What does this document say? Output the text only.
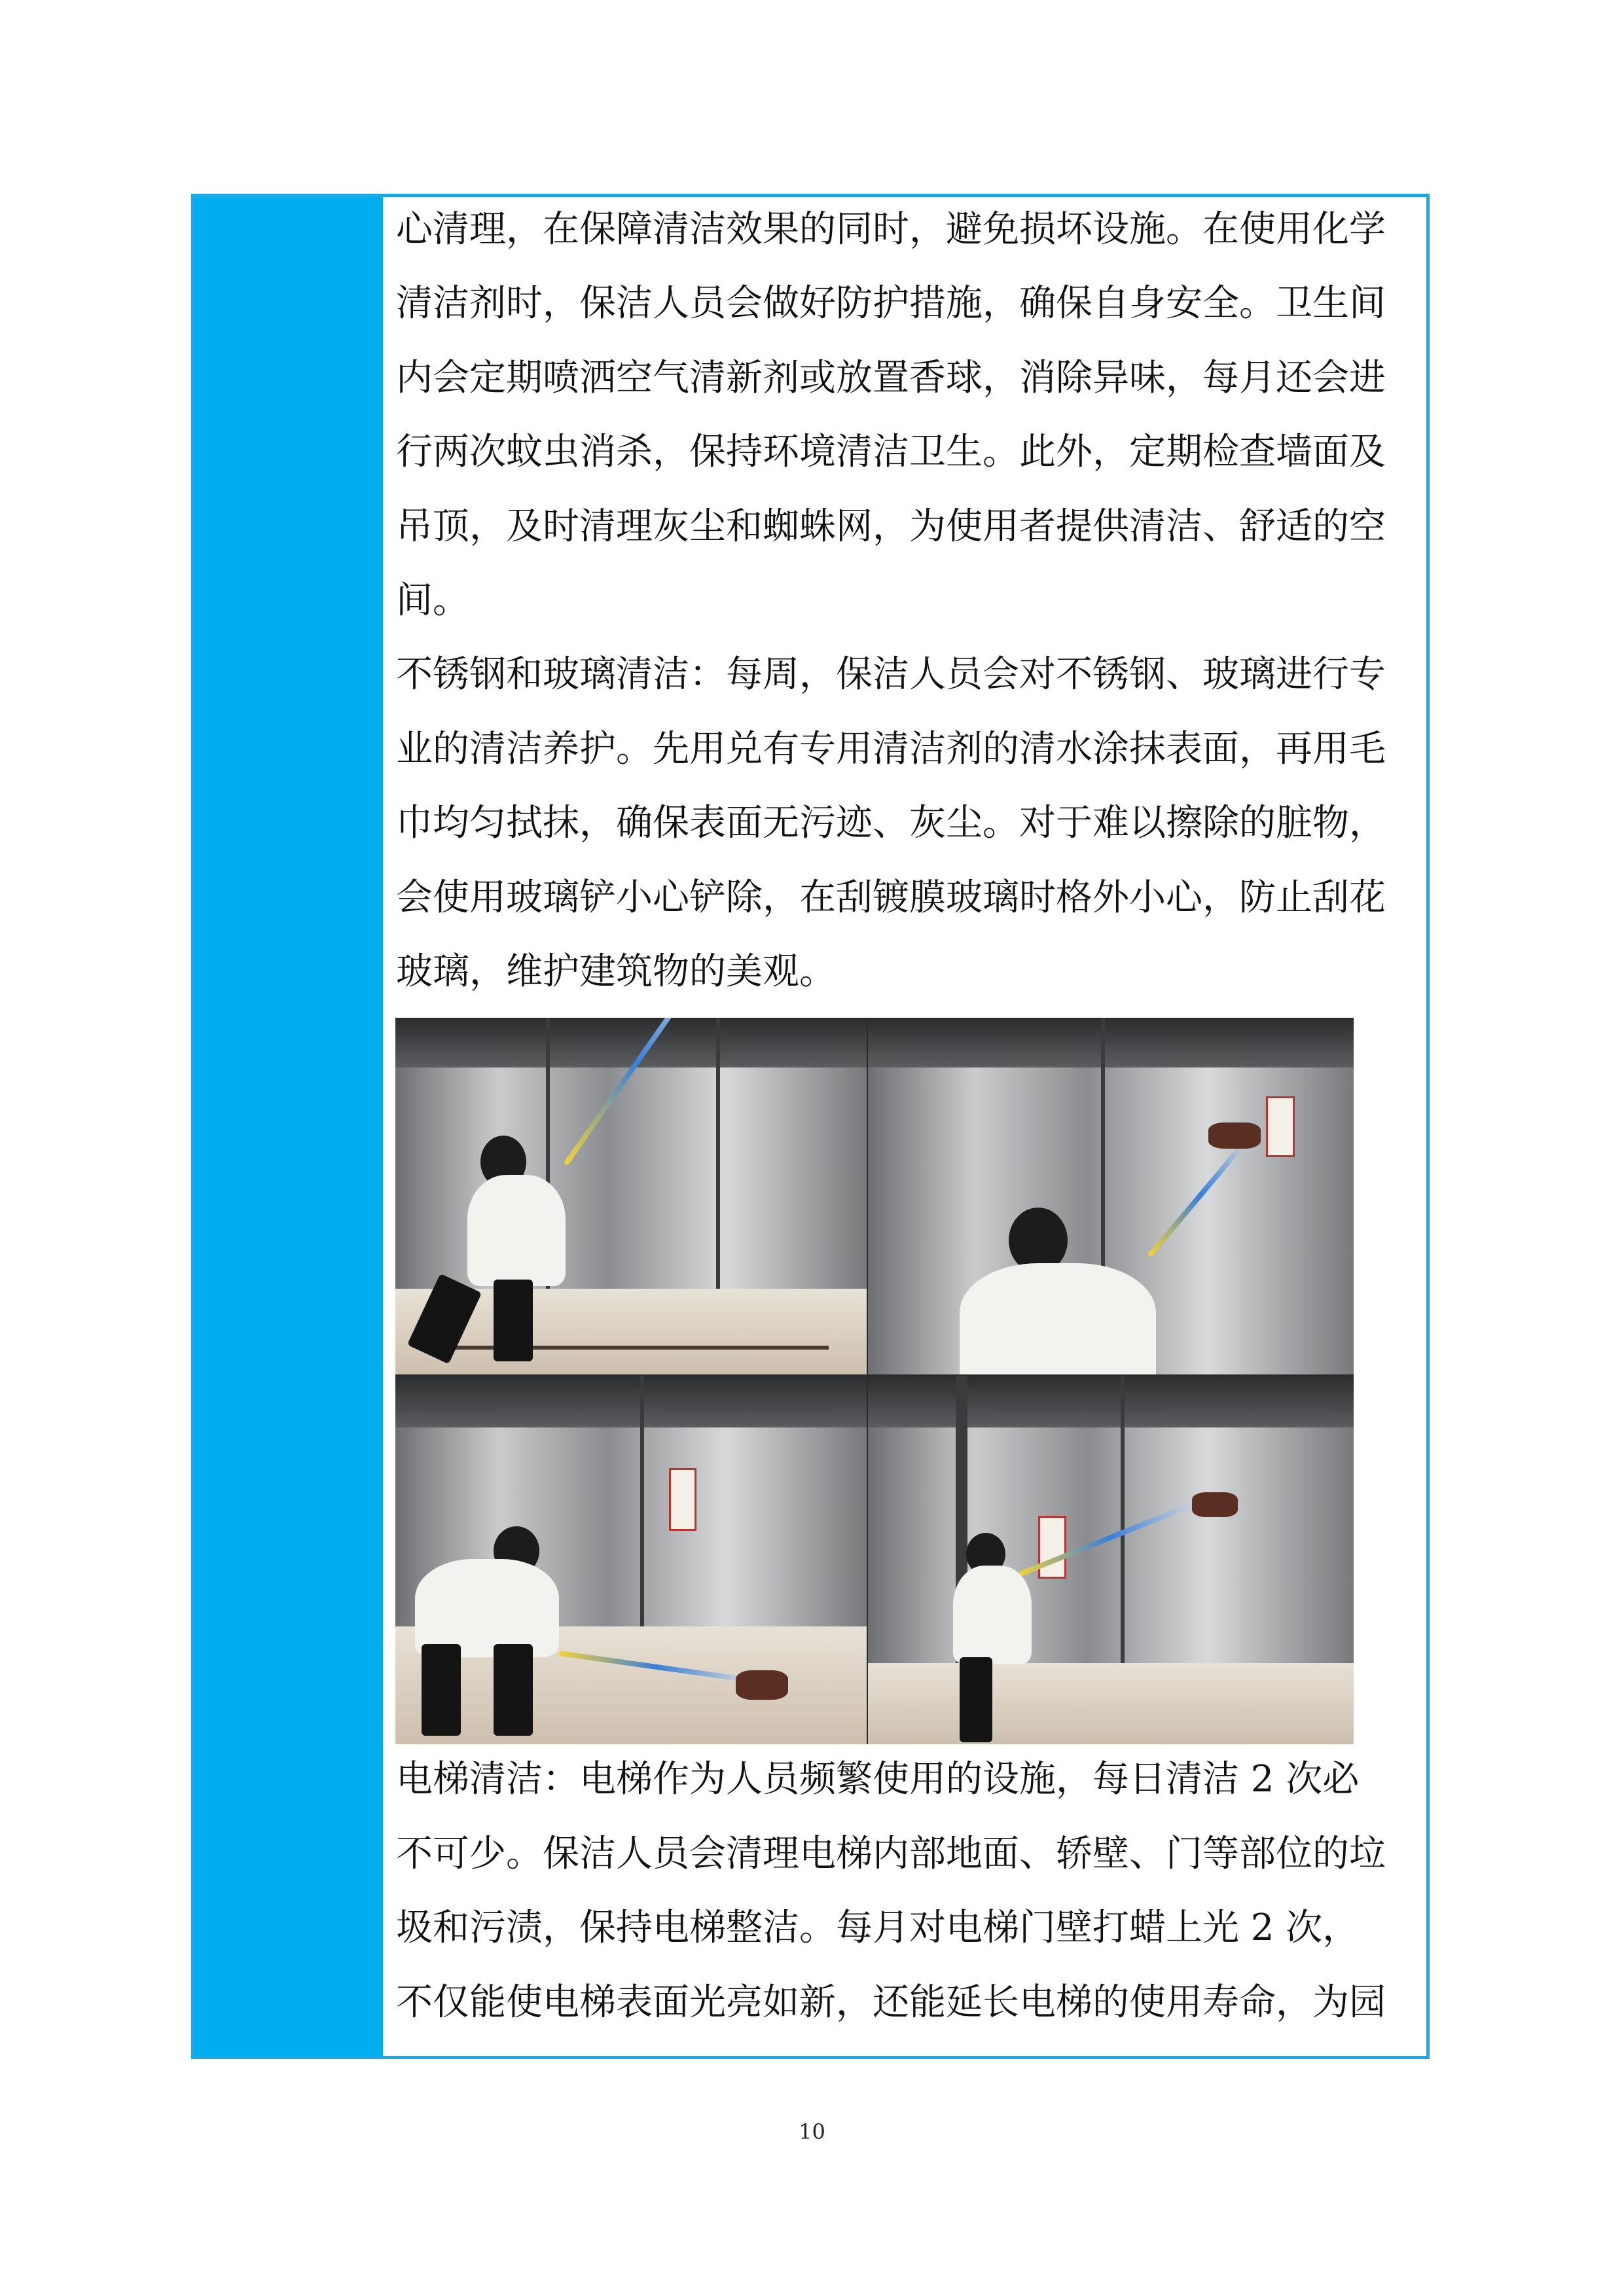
心清理，在保障清洁效果的同时，避免损坏设施。在使用化学
清洁剂时，保洁人员会做好防护措施，确保自身安全。卫生间
内会定期喷洒空气清新剂或放置香球，消除异味，每月还会进
行两次蚊虫消杀，保持环境清洁卫生。此外，定期检查墙面及
吊顶，及时清理灰尘和蜘蛛网，为使用者提供清洁、舒适的空
间。
不锈钢和玻璃清洁：每周，保洁人员会对不锈钢、玻璃进行专
业的清洁养护。先用兑有专用清洁剂的清水涂抹表面，再用毛
巾均匀拭抹，确保表面无污迹、灰尘。对于难以擦除的脏物，
会使用玻璃铲小心铲除，在刮镀膜玻璃时格外小心，防止刮花
玻璃，维护建筑物的美观。
电梯清洁：电梯作为人员频繁使用的设施，每日清洁 2 次必
不可少。保洁人员会清理电梯内部地面、轿壁、门等部位的垃
圾和污渍，保持电梯整洁。每月对电梯门壁打蜡上光 2 次，
不仅能使电梯表面光亮如新，还能延长电梯的使用寿命，为园
10
